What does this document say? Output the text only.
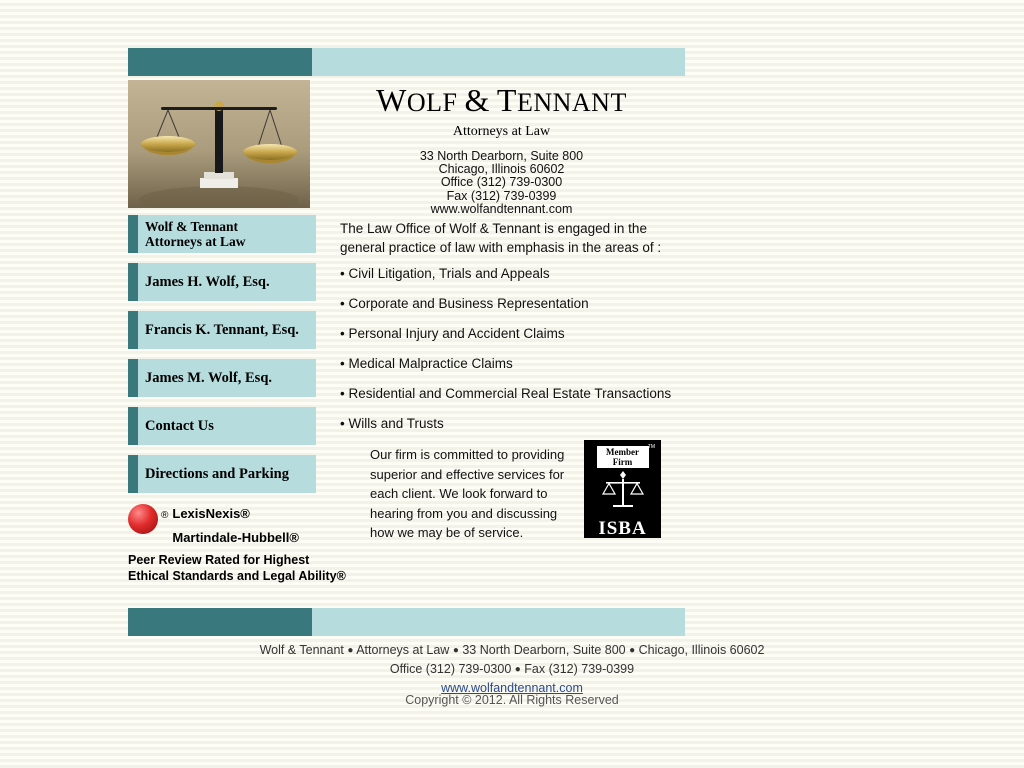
WOLF & TENNANT
Attorneys at Law
33 North Dearborn, Suite 800
Chicago, Illinois 60602
Office (312) 739-0300
Fax (312) 739-0399
www.wolfandtennant.com
Wolf & Tennant
Attorneys at Law
James H. Wolf, Esq.
Francis K. Tennant, Esq.
James M. Wolf, Esq.
Contact Us
Directions and Parking
The Law Office of Wolf & Tennant is engaged in the general practice of law with emphasis in the areas of :
• Civil Litigation, Trials and Appeals
• Corporate and Business Representation
• Personal Injury and Accident Claims
• Medical Malpractice Claims
• Residential and Commercial Real Estate Transactions
• Wills and Trusts
Our firm is committed to providing superior and effective services for each client. We look forward to hearing from you and discussing how we may be of service.
TM
Member
Firm
ISBA
® LexisNexis®
Martindale-Hubbell®
Peer Review Rated for Highest
Ethical Standards and Legal Ability®
Wolf & Tennant ● Attorneys at Law ● 33 North Dearborn, Suite 800 ● Chicago, Illinois 60602
Office (312) 739-0300 ● Fax (312) 739-0399
www.wolfandtennant.com
Copyright © 2012. All Rights Reserved
